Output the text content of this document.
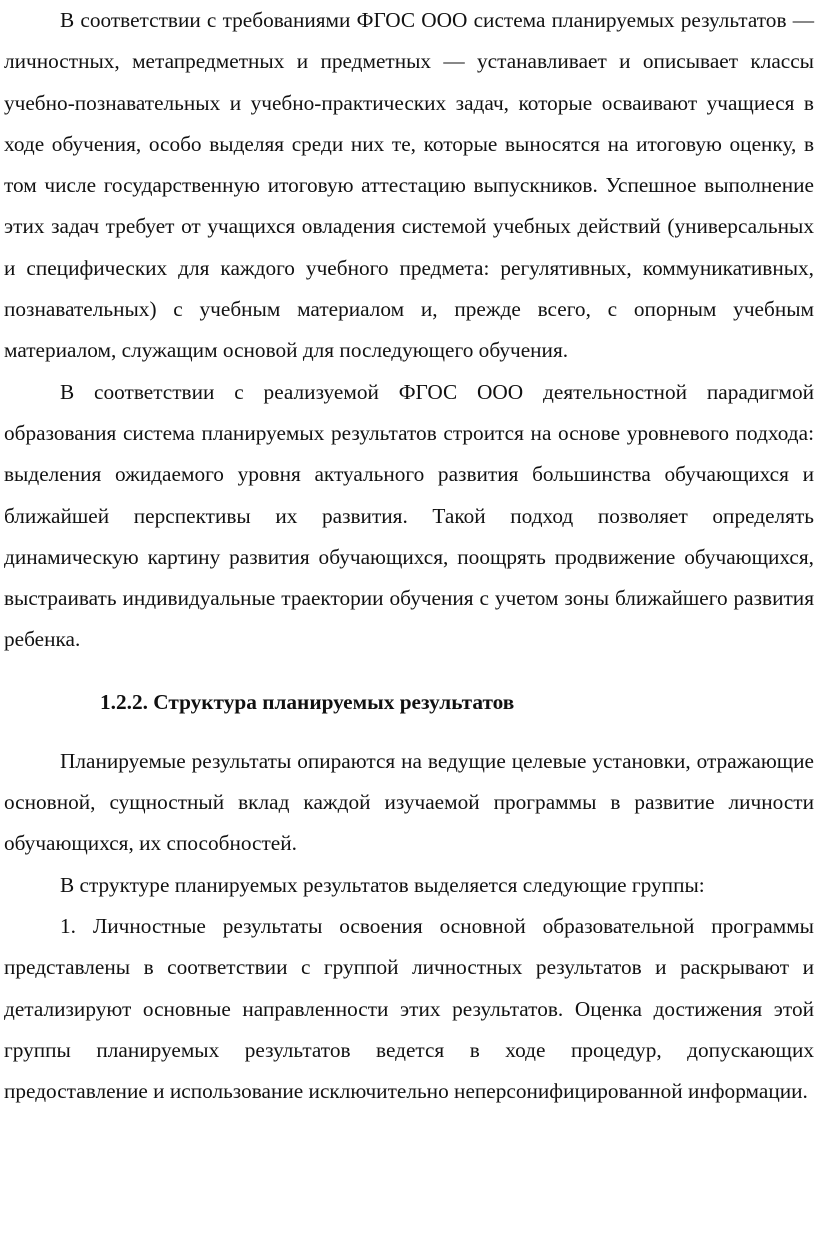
В соответствии с требованиями ФГОС ООО система планируемых результатов — личностных, метапредметных и предметных — устанавливает и описывает классы учебно-познавательных и учебно-практических задач, которые осваивают учащиеся в ходе обучения, особо выделяя среди них те, которые выносятся на итоговую оценку, в том числе государственную итоговую аттестацию выпускников. Успешное выполнение этих задач требует от учащихся овладения системой учебных действий (универсальных и специфических для каждого учебного предмета: регулятивных, коммуникативных, познавательных) с учебным материалом и, прежде всего, с опорным учебным материалом, служащим основой для последующего обучения.

В соответствии с реализуемой ФГОС ООО деятельностной парадигмой образования система планируемых результатов строится на основе уровневого подхода: выделения ожидаемого уровня актуального развития большинства обучающихся и ближайшей перспективы их развития. Такой подход позволяет определять динамическую картину развития обучающихся, поощрять продвижение обучающихся, выстраивать индивидуальные траектории обучения с учетом зоны ближайшего развития ребенка.

1.2.2. Структура планируемых результатов

Планируемые результаты опираются на ведущие целевые установки, отражающие основной, сущностный вклад каждой изучаемой программы в развитие личности обучающихся, их способностей.

В структуре планируемых результатов выделяется следующие группы:

1. Личностные результаты освоения основной образовательной программы представлены в соответствии с группой личностных результатов и раскрывают и детализируют основные направленности этих результатов. Оценка достижения этой группы планируемых результатов ведется в ходе процедур, допускающих предоставление и использование исключительно неперсонифицированной информации.
